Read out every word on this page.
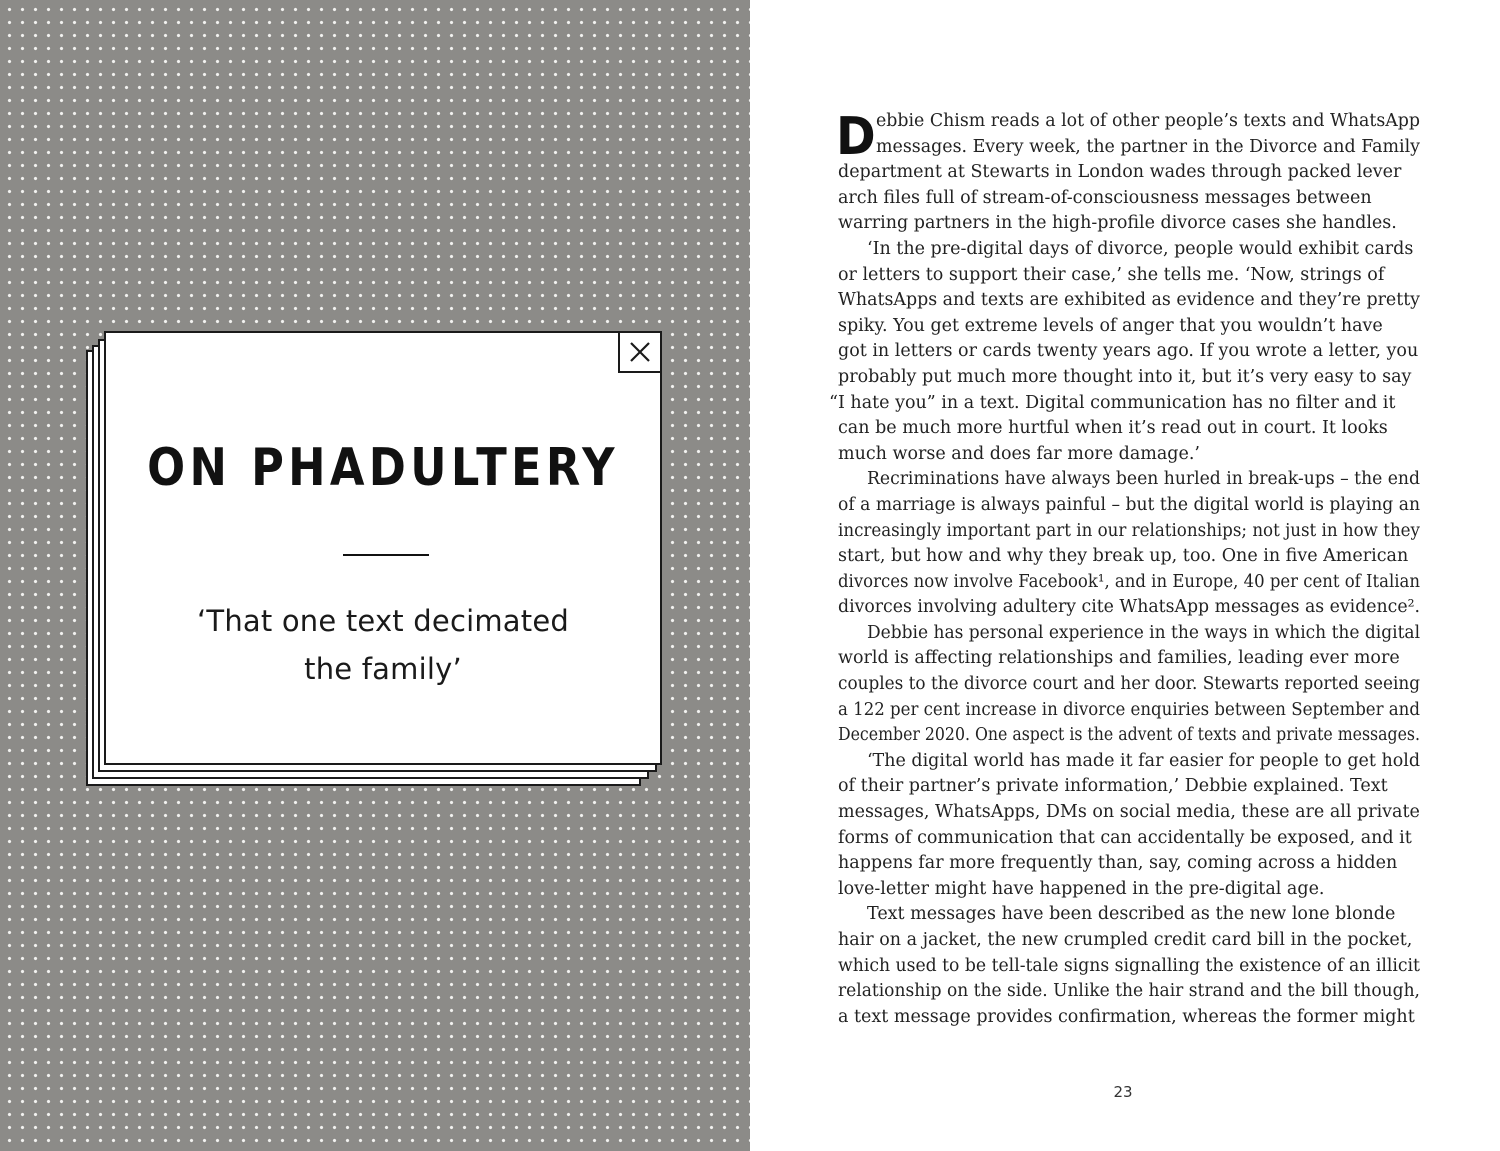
ON PHADULTERY
‘That one text decimated
the family’
D ebbie Chism reads a lot of other people’s texts and WhatsApp
messages. Every week, the partner in the Divorce and Family
department at Stewarts in London wades through packed lever
arch files full of stream-of-consciousness messages between
warring partners in the high-profile divorce cases she handles.
‘In the pre-digital days of divorce, people would exhibit cards
or letters to support their case,’ she tells me. ‘Now, strings of
WhatsApps and texts are exhibited as evidence and they’re pretty
spiky. You get extreme levels of anger that you wouldn’t have
got in letters or cards twenty years ago. If you wrote a letter, you
probably put much more thought into it, but it’s very easy to say
“I hate you” in a text. Digital communication has no filter and it
can be much more hurtful when it’s read out in court. It looks
much worse and does far more damage.’
Recriminations have always been hurled in break-ups – the end
of a marriage is always painful – but the digital world is playing an
increasingly important part in our relationships; not just in how they
start, but how and why they break up, too. One in five American
divorces now involve Facebook¹, and in Europe, 40 per cent of Italian
divorces involving adultery cite WhatsApp messages as evidence².
Debbie has personal experience in the ways in which the digital
world is affecting relationships and families, leading ever more
couples to the divorce court and her door. Stewarts reported seeing
a 122 per cent increase in divorce enquiries between September and
December 2020. One aspect is the advent of texts and private messages.
‘The digital world has made it far easier for people to get hold
of their partner’s private information,’ Debbie explained. Text
messages, WhatsApps, DMs on social media, these are all private
forms of communication that can accidentally be exposed, and it
happens far more frequently than, say, coming across a hidden
love-letter might have happened in the pre-digital age.
Text messages have been described as the new lone blonde
hair on a jacket, the new crumpled credit card bill in the pocket,
which used to be tell-tale signs signalling the existence of an illicit
relationship on the side. Unlike the hair strand and the bill though,
a text message provides confirmation, whereas the former might
23
